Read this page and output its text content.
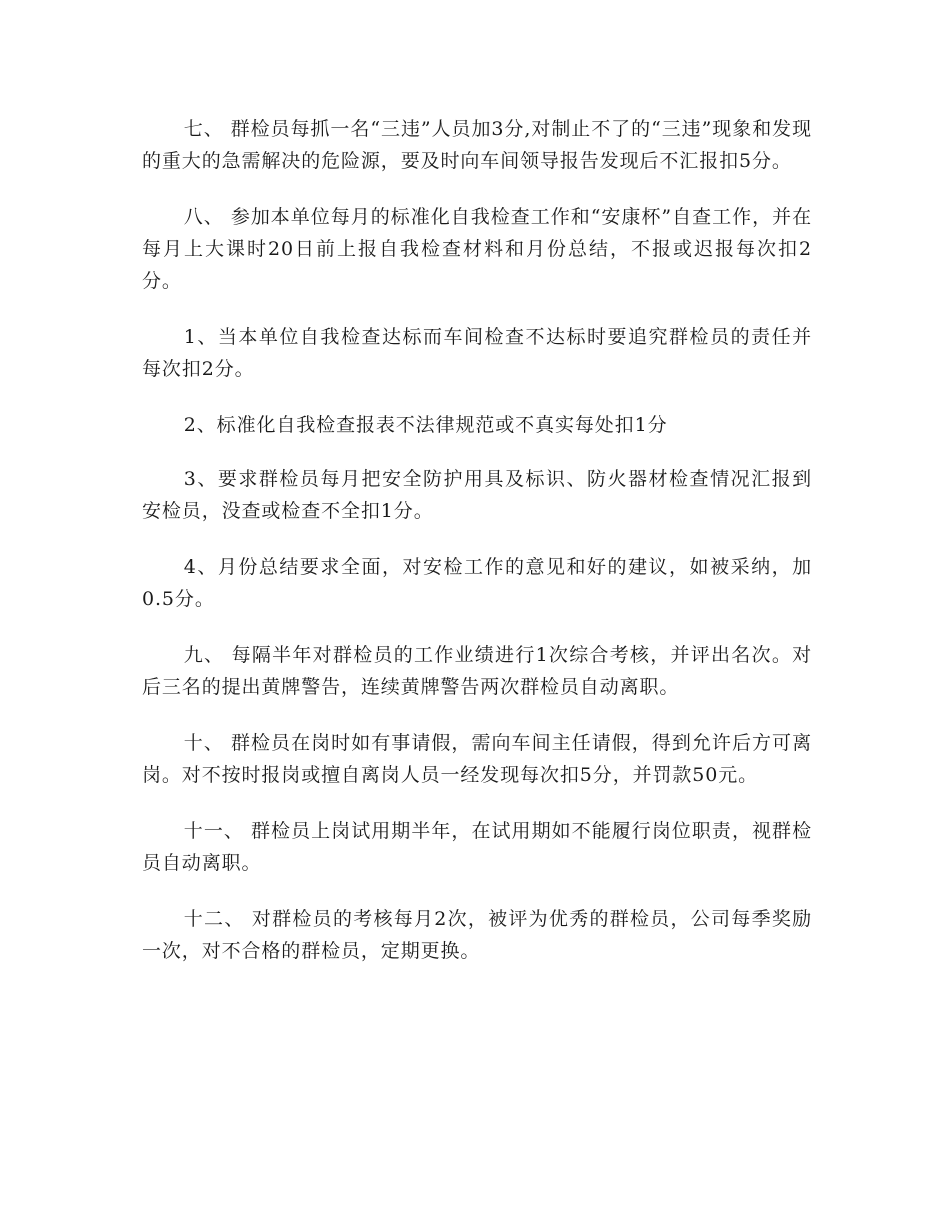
七、 群检员每抓一名“三违”人员加3分,对制止不了的“三违”现象和发现的重大的急需解决的危险源，要及时向车间领导报告发现后不汇报扣5分。

八、 参加本单位每月的标准化自我检查工作和“安康杯”自查工作，并在每月上大课时20日前上报自我检查材料和月份总结，不报或迟报每次扣2分。

1、当本单位自我检查达标而车间检查不达标时要追究群检员的责任并每次扣2分。

2、标准化自我检查报表不法律规范或不真实每处扣1分

3、要求群检员每月把安全防护用具及标识、防火器材检查情况汇报到安检员，没查或检查不全扣1分。

4、月份总结要求全面，对安检工作的意见和好的建议，如被采纳，加0.5分。

九、 每隔半年对群检员的工作业绩进行1次综合考核，并评出名次。对后三名的提出黄牌警告，连续黄牌警告两次群检员自动离职。

十、 群检员在岗时如有事请假，需向车间主任请假，得到允许后方可离岗。对不按时报岗或擅自离岗人员一经发现每次扣5分，并罚款50元。

十一、 群检员上岗试用期半年，在试用期如不能履行岗位职责，视群检员自动离职。

十二、 对群检员的考核每月2次，被评为优秀的群检员，公司每季奖励一次，对不合格的群检员，定期更换。
